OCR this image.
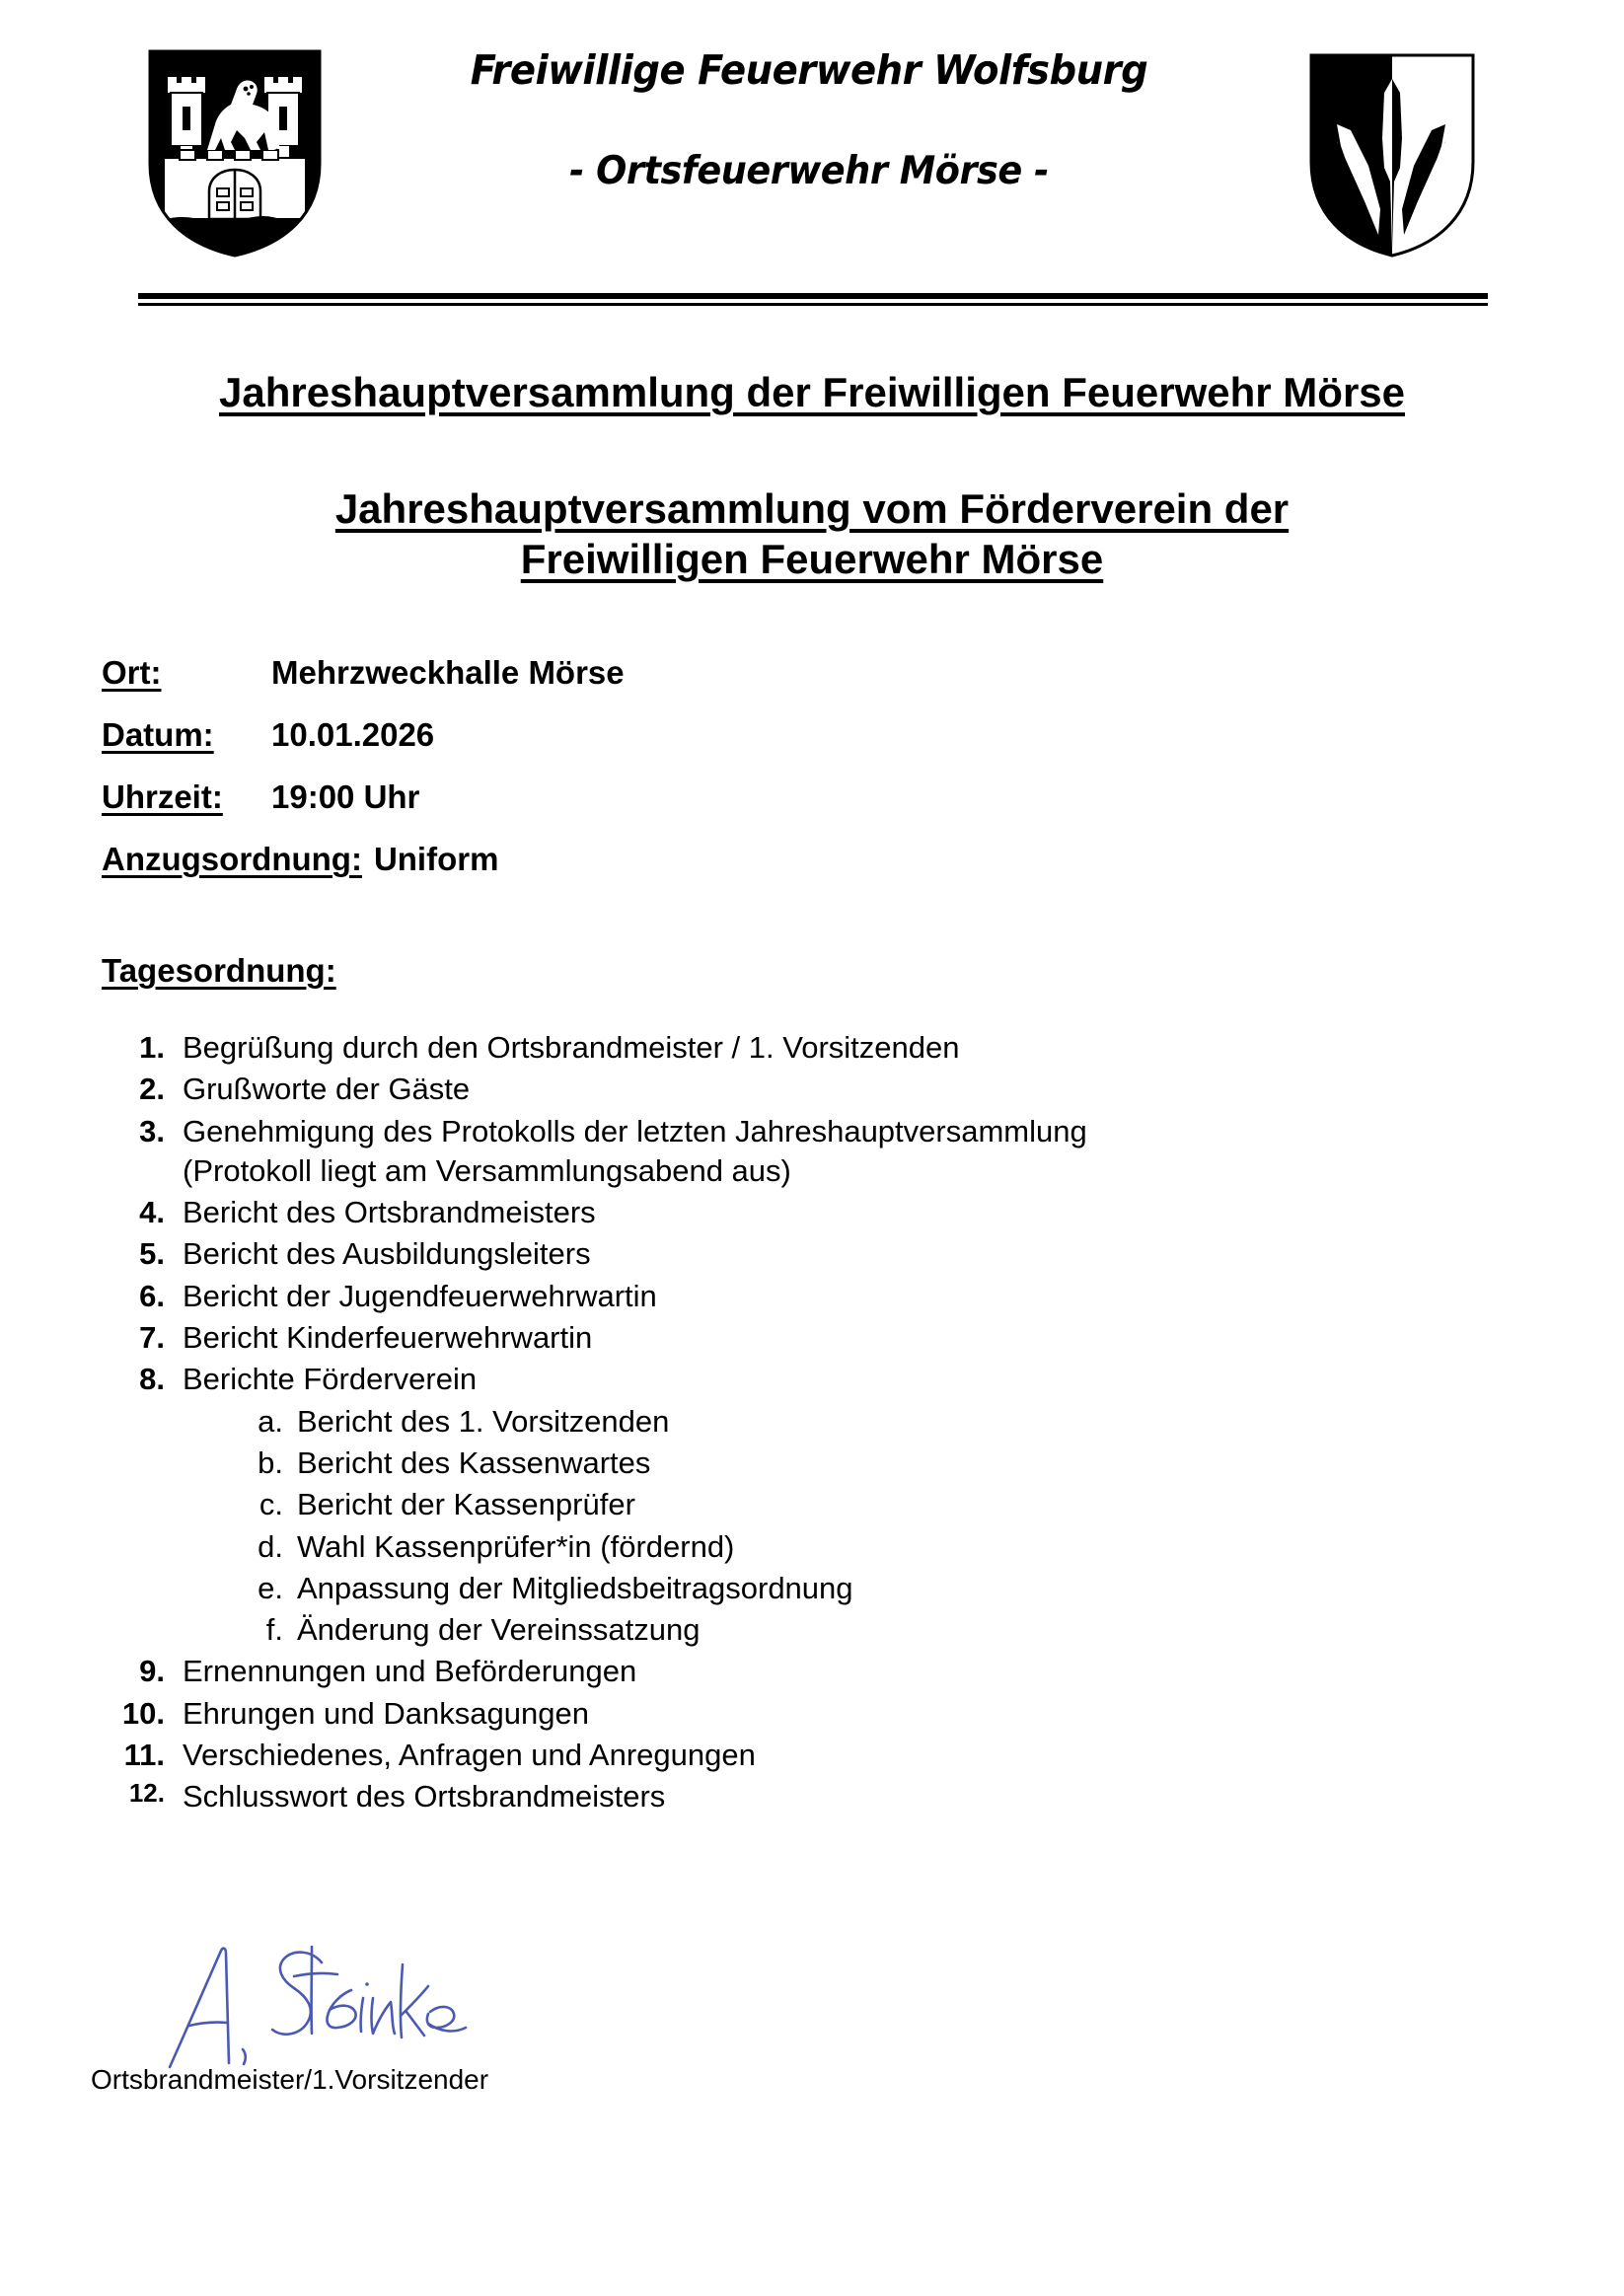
Freiwillige Feuerwehr Wolfsburg
- Ortsfeuerwehr Mörse -
Jahreshauptversammlung der Freiwilligen Feuerwehr Mörse
Jahreshauptversammlung vom Förderverein der
Freiwilligen Feuerwehr Mörse
Ort:	Mehrzweckhalle Mörse
Datum:	10.01.2026
Uhrzeit:	19:00 Uhr
Anzugsordnung: Uniform
Tagesordnung:
1. Begrüßung durch den Ortsbrandmeister / 1. Vorsitzenden
2. Grußworte der Gäste
3. Genehmigung des Protokolls der letzten Jahreshauptversammlung
(Protokoll liegt am Versammlungsabend aus)
4. Bericht des Ortsbrandmeisters
5. Bericht des Ausbildungsleiters
6. Bericht der Jugendfeuerwehrwartin
7. Bericht Kinderfeuerwehrwartin
8. Berichte Förderverein
a. Bericht des 1. Vorsitzenden
b. Bericht des Kassenwartes
c. Bericht der Kassenprüfer
d. Wahl Kassenprüfer*in (fördernd)
e. Anpassung der Mitgliedsbeitragsordnung
f. Änderung der Vereinssatzung
9. Ernennungen und Beförderungen
10. Ehrungen und Danksagungen
11. Verschiedenes, Anfragen und Anregungen
12. Schlusswort des Ortsbrandmeisters
Ortsbrandmeister/1.Vorsitzender
